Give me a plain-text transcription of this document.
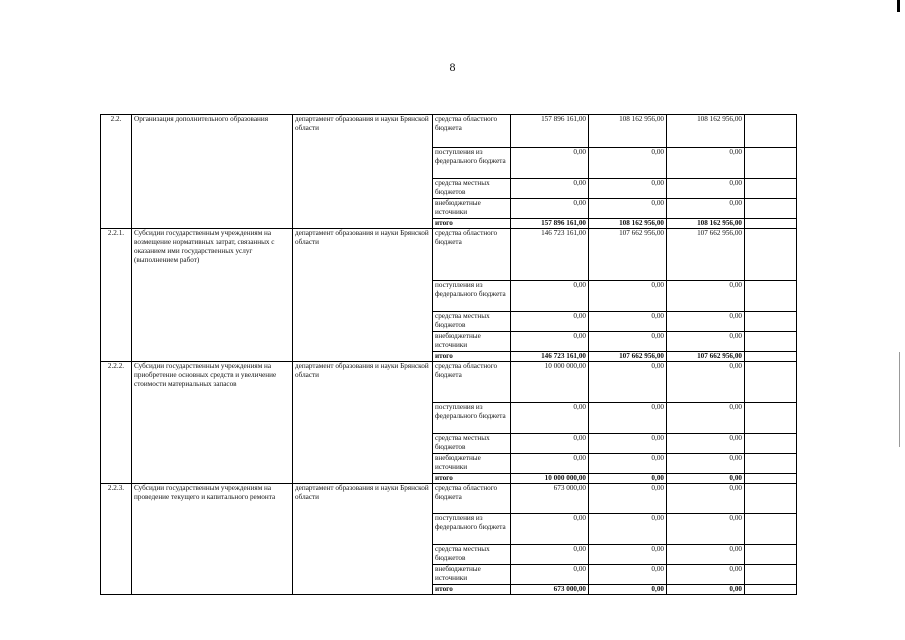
8
2.2.	Организация дополнительного образования	департамент образования и науки Брянской области	средства областного бюджета	157 896 161,00	108 162 956,00	108 162 956,00	
			поступления из федерального бюджета	0,00	0,00	0,00	
			средства местных бюджетов	0,00	0,00	0,00	
			внебюджетные источники	0,00	0,00	0,00	
			итого	157 896 161,00	108 162 956,00	108 162 956,00	
2.2.1.	Субсидии государственным учреждениям на возмещение нормативных затрат, связанных с оказанием ими государственных услуг (выполнением работ)	департамент образования и науки Брянской области	средства областного бюджета	146 723 161,00	107 662 956,00	107 662 956,00	
			поступления из федерального бюджета	0,00	0,00	0,00	
			средства местных бюджетов	0,00	0,00	0,00	
			внебюджетные источники	0,00	0,00	0,00	
			итого	146 723 161,00	107 662 956,00	107 662 956,00	
2.2.2.	Субсидии государственным учреждениям на приобретение основных средств и увеличение стоимости материальных запасов	департамент образования и науки Брянской области	средства областного бюджета	10 000 000,00	0,00	0,00	
			поступления из федерального бюджета	0,00	0,00	0,00	
			средства местных бюджетов	0,00	0,00	0,00	
			внебюджетные источники	0,00	0,00	0,00	
			итого	10 000 000,00	0,00	0,00	
2.2.3.	Субсидии государственным учреждениям на проведение текущего и капитального ремонта	департамент образования и науки Брянской области	средства областного бюджета	673 000,00	0,00	0,00	
			поступления из федерального бюджета	0,00	0,00	0,00	
			средства местных бюджетов	0,00	0,00	0,00	
			внебюджетные источники	0,00	0,00	0,00	
			итого	673 000,00	0,00	0,00	
